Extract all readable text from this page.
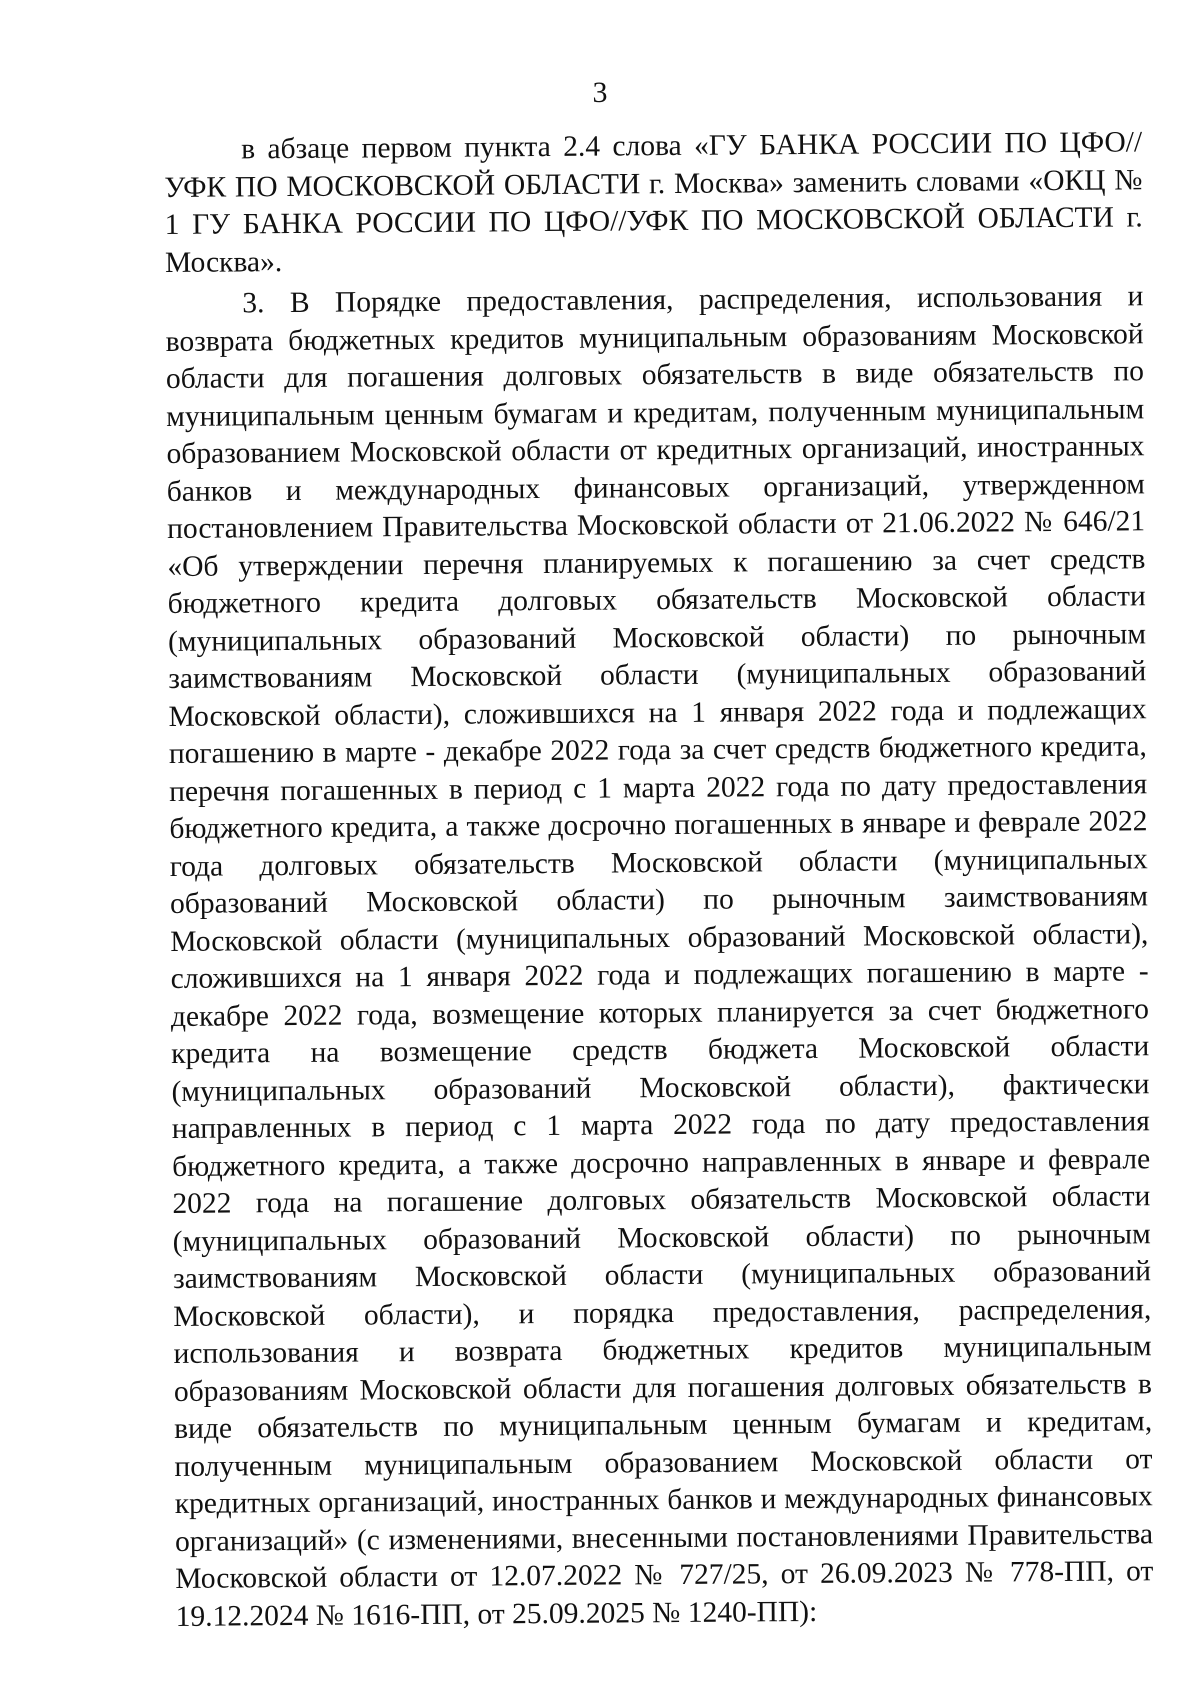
3

в абзаце первом пункта 2.4 слова «ГУ БАНКА РОССИИ ПО ЦФО//УФК ПО МОСКОВСКОЙ ОБЛАСТИ г. Москва» заменить словами «ОКЦ № 1 ГУ БАНКА РОССИИ ПО ЦФО//УФК ПО МОСКОВСКОЙ ОБЛАСТИ г. Москва».

3. В Порядке предоставления, распределения, использования и возврата бюджетных кредитов муниципальным образованиям Московской области для погашения долговых обязательств в виде обязательств по муниципальным ценным бумагам и кредитам, полученным муниципальным образованием Московской области от кредитных организаций, иностранных банков и международных финансовых организаций, утвержденном постановлением Правительства Московской области от 21.06.2022 № 646/21 «Об утверждении перечня планируемых к погашению за счет средств бюджетного кредита долговых обязательств Московской области (муниципальных образований Московской области) по рыночным заимствованиям Московской области (муниципальных образований Московской области), сложившихся на 1 января 2022 года и подлежащих погашению в марте - декабре 2022 года за счет средств бюджетного кредита, перечня погашенных в период с 1 марта 2022 года по дату предоставления бюджетного кредита, а также досрочно погашенных в январе и феврале 2022 года долговых обязательств Московской области (муниципальных образований Московской области) по рыночным заимствованиям Московской области (муниципальных образований Московской области), сложившихся на 1 января 2022 года и подлежащих погашению в марте - декабре 2022 года, возмещение которых планируется за счет бюджетного кредита на возмещение средств бюджета Московской области (муниципальных образований Московской области), фактически направленных в период с 1 марта 2022 года по дату предоставления бюджетного кредита, а также досрочно направленных в январе и феврале 2022 года на погашение долговых обязательств Московской области (муниципальных образований Московской области) по рыночным заимствованиям Московской области (муниципальных образований Московской области), и порядка предоставления, распределения, использования и возврата бюджетных кредитов муниципальным образованиям Московской области для погашения долговых обязательств в виде обязательств по муниципальным ценным бумагам и кредитам, полученным муниципальным образованием Московской области от кредитных организаций, иностранных банков и международных финансовых организаций» (с изменениями, внесенными постановлениями Правительства Московской области от 12.07.2022 № 727/25, от 26.09.2023 № 778-ПП, от 19.12.2024 № 1616-ПП, от 25.09.2025 № 1240-ПП):
